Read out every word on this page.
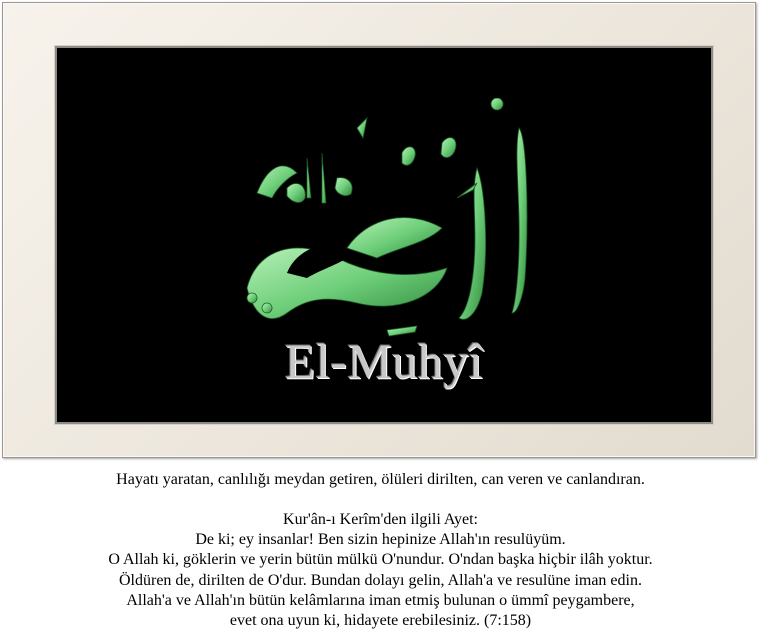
El-Muhyî

Hayatı yaratan, canlılığı meydan getiren, ölüleri dirilten, can veren ve canlandıran.

Kur'ân-ı Kerîm'den ilgili Ayet:
De ki; ey insanlar! Ben sizin hepinize Allah'ın resulüyüm.
O Allah ki, göklerin ve yerin bütün mülkü O'nundur. O'ndan başka hiçbir ilâh yoktur.
Öldüren de, dirilten de O'dur. Bundan dolayı gelin, Allah'a ve resulüne iman edin.
Allah'a ve Allah'ın bütün kelâmlarına iman etmiş bulunan o ümmî peygambere,
evet ona uyun ki, hidayete erebilesiniz. (7:158)
